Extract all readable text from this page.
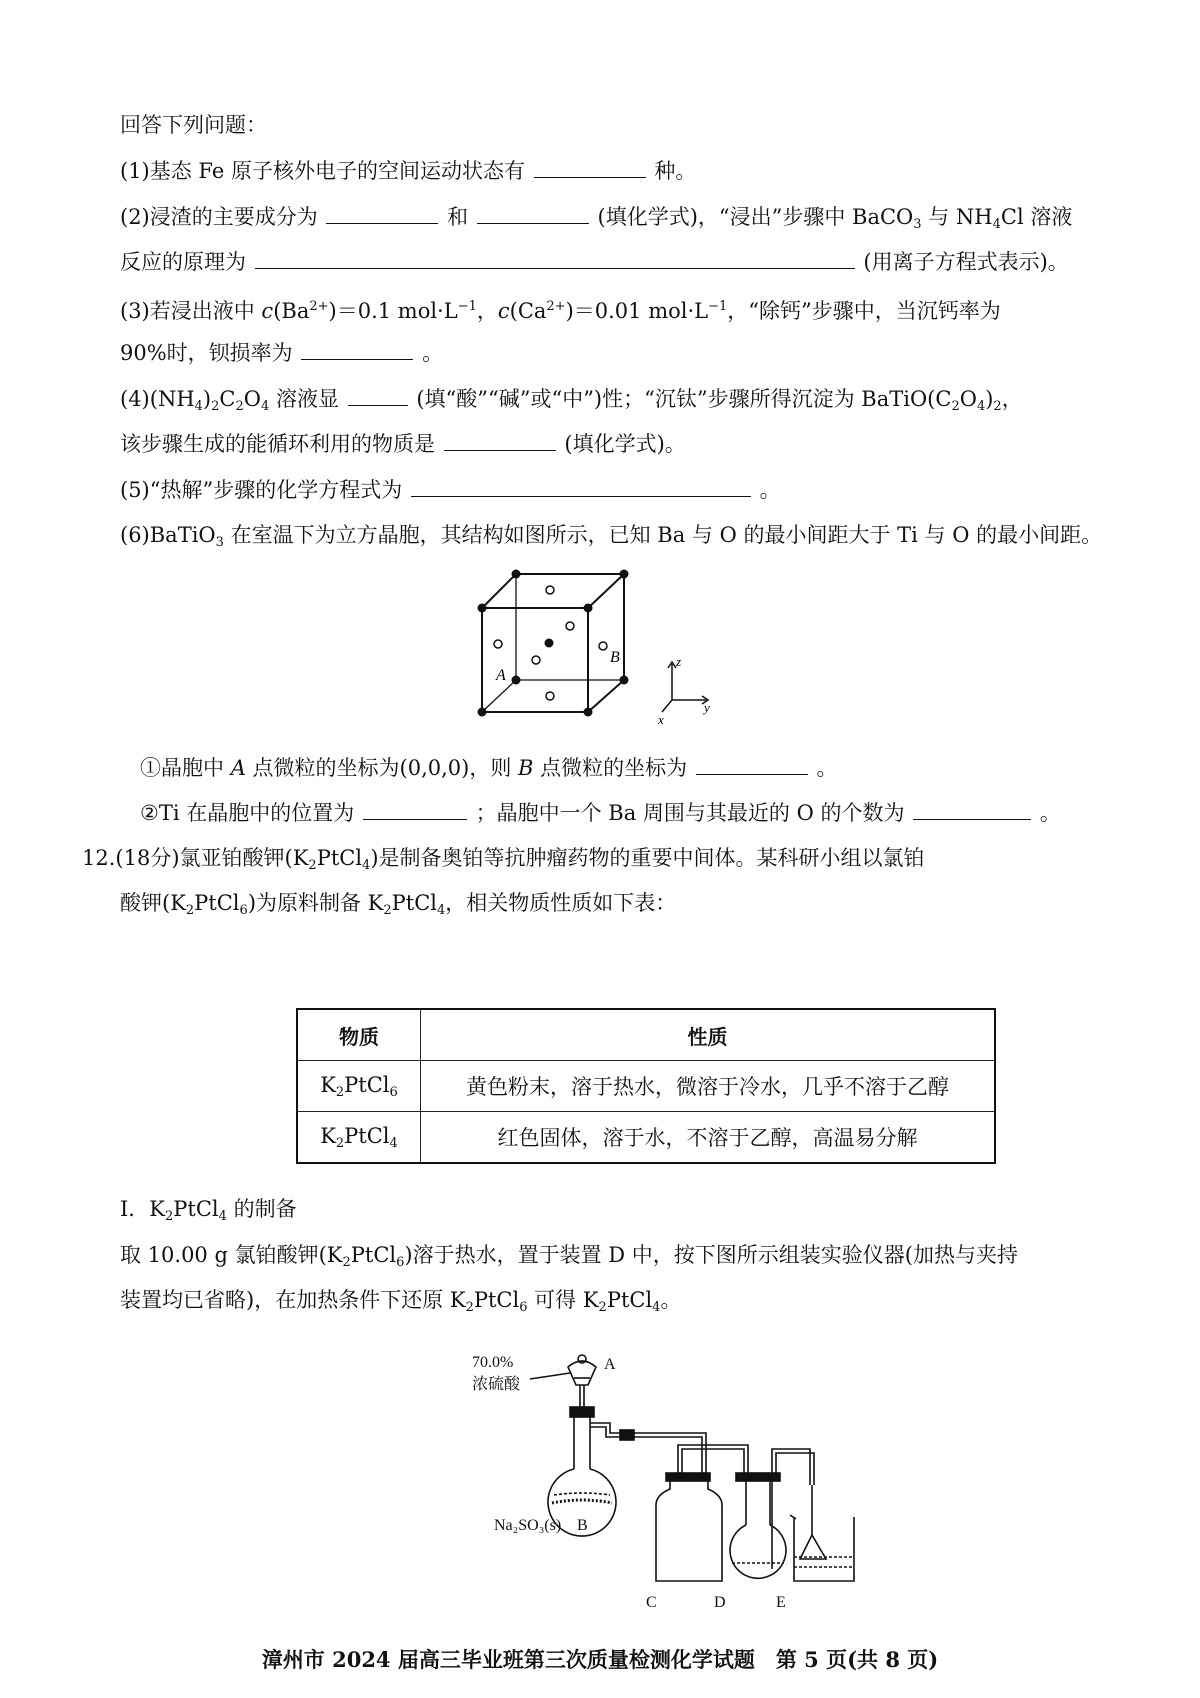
回答下列问题：
(1)基态 Fe 原子核外电子的空间运动状态有	种。
(2)浸渣的主要成分为	和	(填化学式)，“浸出”步骤中 BaCO$_3$ 与 $NH_4Cl$ 溶液
反应的原理为	(用离子方程式表示)。
(3)若浸出液中 $c(Ba^{2+})=0.1$ $mol\cdot L^{-1}$，$c(Ca^{2+})=0.01$ $mol\cdot L^{-1}$，“除钙”步骤中，当沉钙率为
90%时，钡损率为	。
$(4)(NH_4)_2C_2O_4$ 溶液显	(填“酸”“碱”或“中”)性；“沉钛”步骤所得沉淀为 $BaTiO(C_2O_4)_2$，
该步骤生成的能循环利用的物质是	(填化学式)。
(5)“热解”步骤的化学方程式为	。
(6)BaTiO$_3$ 在室温下为立方晶胞，其结构如图所示，已知 Ba 与 O 的最小间距大于 Ti 与 O 的最小间距。
A
B	z
y
x
①晶胞中 A 点微粒的坐标为(0,0,0)，则 B 点微粒的坐标为	。
②Ti 在晶胞中的位置为	；晶胞中一个 Ba 周围与其最近的 O 的个数为	。
12.(18分)氯亚铂酸钾$(K_2PtCl_4)$是制备奥铂等抗肿瘤药物的重要中间体。某科研小组以氯铂
酸钾$(K_2PtCl_6)$为原料制备 $K_2PtCl_4$，相关物质性质如下表：
物质	性质
$K_2PtCl_6$	黄色粉末，溶于热水，微溶于冷水，几乎不溶于乙醇
$K_2PtCl_4$	红色固体，溶于水，不溶于乙醇，高温易分解
Ⅰ．$K_2PtCl_4$ 的制备
取 10.00 g 氯铂酸钾$(K_2PtCl_6)$溶于热水，置于装置 D 中，按下图所示组装实验仪器(加热与夹持
装置均已省略)，在加热条件下还原 $K_2PtCl_6$ 可得 $K_2PtCl_4$。
70.0%
浓硫酸
A
Na₂SO₃(s) B
C	D	E
漳州市 2024 届高三毕业班第三次质量检测化学试题　第 5 页(共 8 页)
